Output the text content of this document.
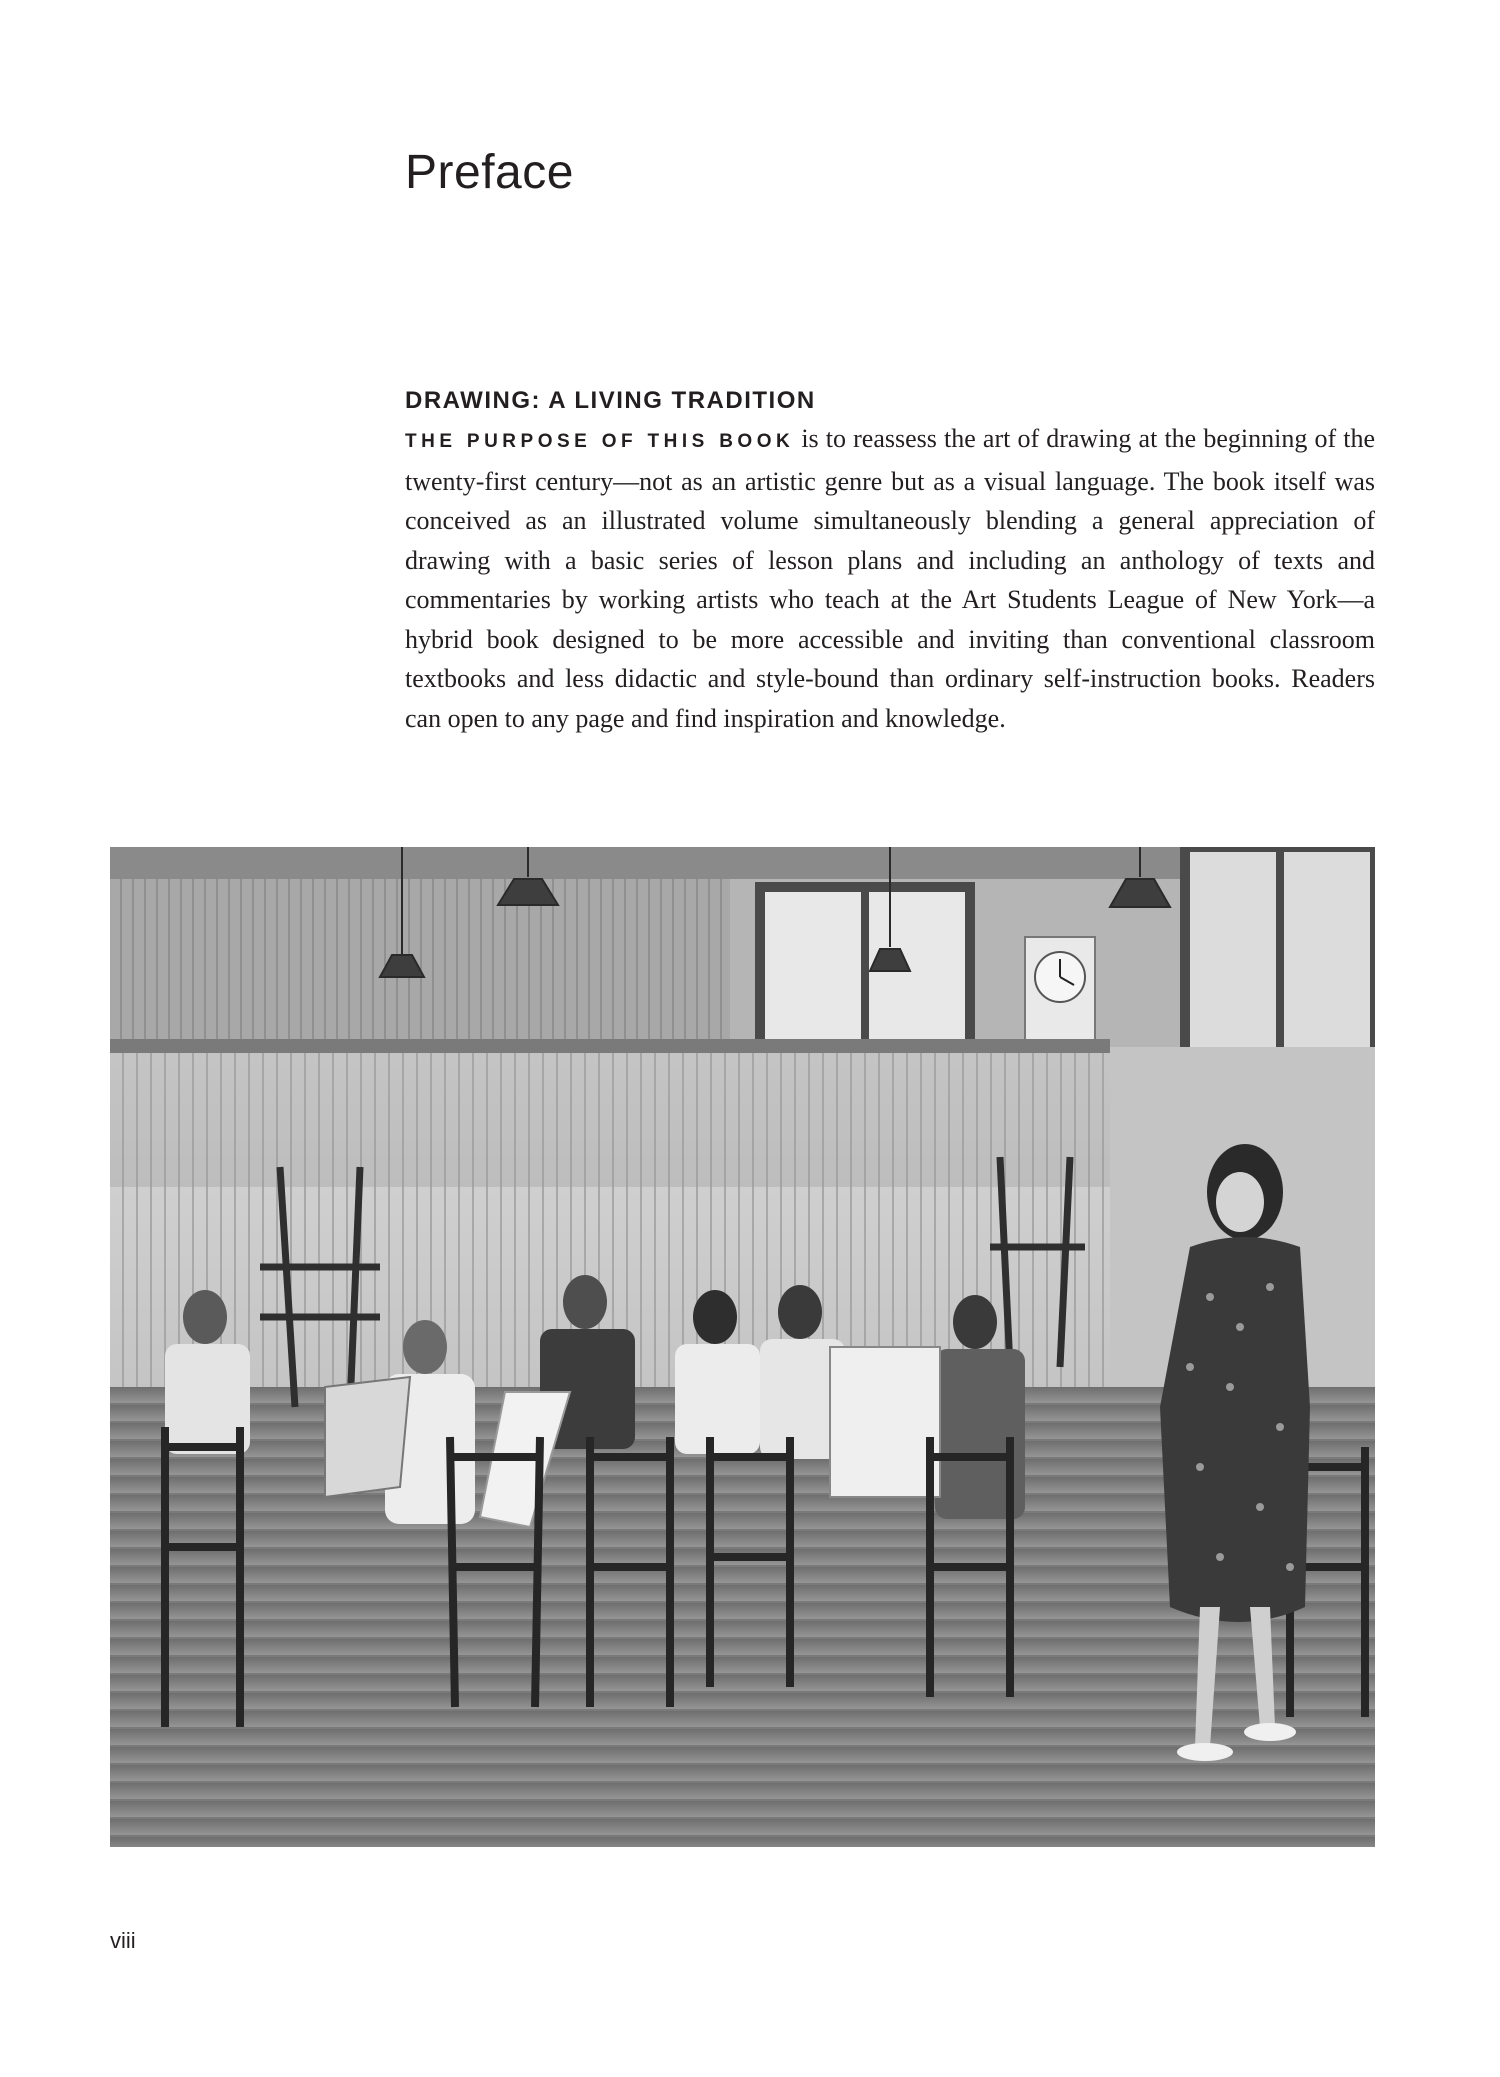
Preface
DRAWING: A LIVING TRADITION

THE PURPOSE OF THIS BOOK is to reassess the art of drawing at the beginning of the twenty-first century—not as an artistic genre but as a visual language. The book itself was conceived as an illustrated volume simultaneously blending a general appreciation of drawing with a basic series of lesson plans and including an anthology of texts and commentaries by working artists who teach at the Art Students League of New York—a hybrid book designed to be more accessible and inviting than conventional classroom textbooks and less didactic and style-bound than ordinary self-instruction books. Readers can open to any page and find inspiration and knowledge.

viii
